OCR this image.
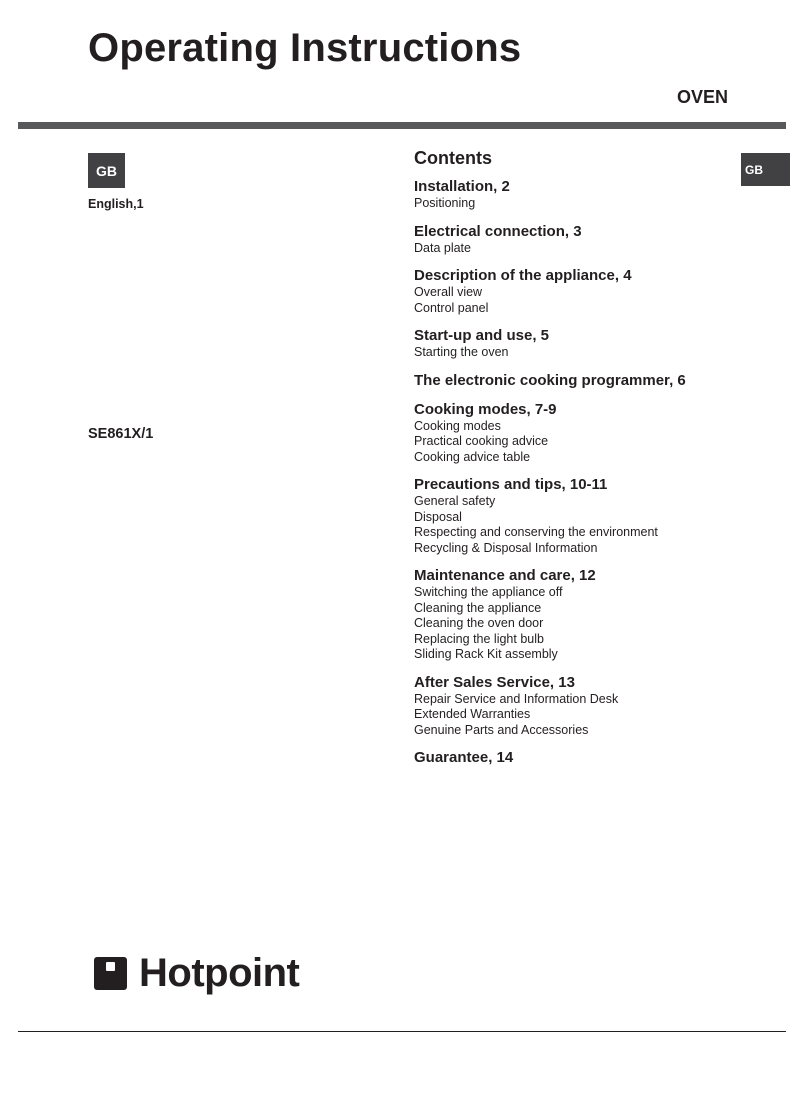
Operating Instructions
OVEN
GB
English,1
SE861X/1
GB
Contents
Installation, 2
Positioning
Electrical connection, 3
Data plate
Description of the appliance, 4
Overall view
Control panel
Start-up and use, 5
Starting the oven
The electronic cooking programmer, 6
Cooking modes, 7-9
Cooking modes
Practical cooking advice
Cooking advice table
Precautions and tips, 10-11
General safety
Disposal
Respecting and conserving the environment
Recycling & Disposal Information
Maintenance and care, 12
Switching the appliance off
Cleaning the appliance
Cleaning the oven door
Replacing the light bulb
Sliding Rack Kit assembly
After Sales Service, 13
Repair Service and Information Desk
Extended Warranties
Genuine Parts and Accessories
Guarantee, 14
Hotpoint
